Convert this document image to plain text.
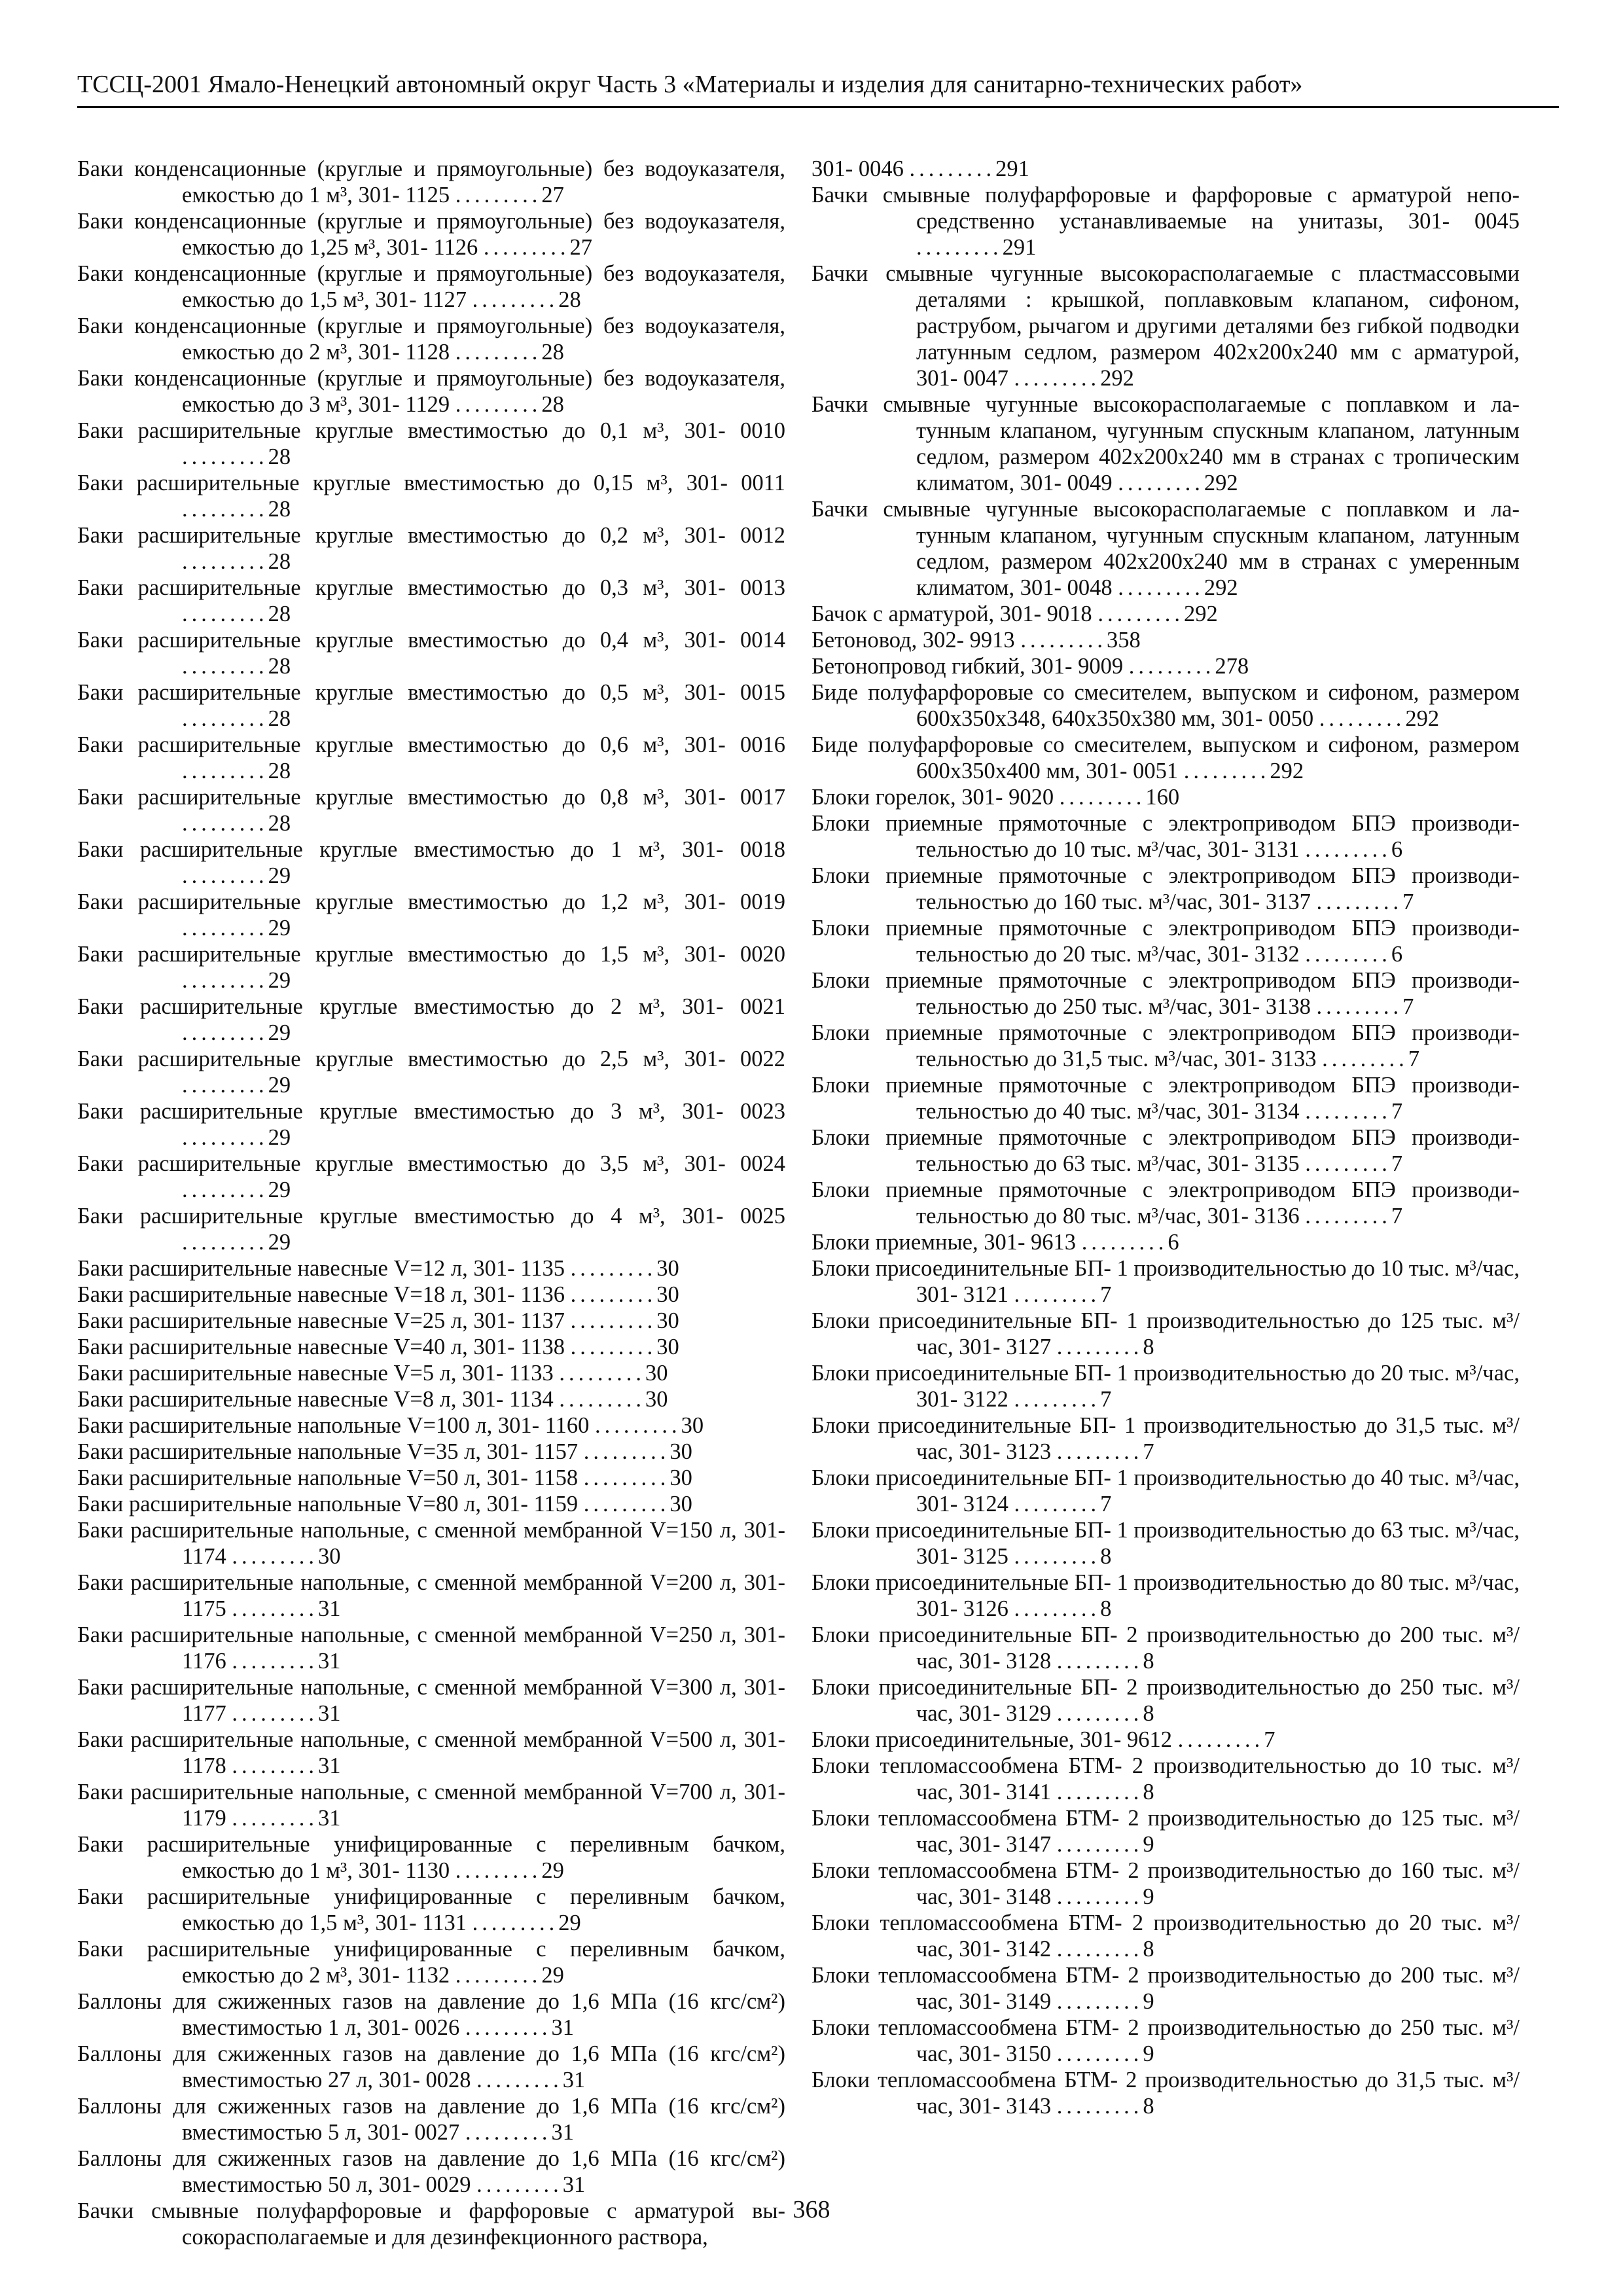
ТССЦ-2001 Ямало-Ненецкий автономный округ Часть 3 «Материалы и изделия для санитарно-технических работ»

Баки конденсационные (круглые и прямоугольные) без водоуказателя, емкостью до 1 м³, 301- 1125 .........27

Баки конденсационные (круглые и прямоугольные) без водоуказателя, емкостью до 1,25 м³, 301- 1126 .........27

Баки конденсационные (круглые и прямоугольные) без водоуказателя, емкостью до 1,5 м³, 301- 1127 .........28

Баки конденсационные (круглые и прямоугольные) без водоуказателя, емкостью до 2 м³, 301- 1128 .........28

Баки конденсационные (круглые и прямоугольные) без водоуказателя, емкостью до 3 м³, 301- 1129 .........28

Баки расширительные круглые вместимостью до 0,1 м³, 301- 0010 .........28

Баки расширительные круглые вместимостью до 0,15 м³, 301- 0011 .........28

Баки расширительные круглые вместимостью до 0,2 м³, 301- 0012 .........28

Баки расширительные круглые вместимостью до 0,3 м³, 301- 0013 .........28

Баки расширительные круглые вместимостью до 0,4 м³, 301- 0014 .........28

Баки расширительные круглые вместимостью до 0,5 м³, 301- 0015 .........28

Баки расширительные круглые вместимостью до 0,6 м³, 301- 0016 .........28

Баки расширительные круглые вместимостью до 0,8 м³, 301- 0017 .........28

Баки расширительные круглые вместимостью до 1 м³, 301- 0018 .........29

Баки расширительные круглые вместимостью до 1,2 м³, 301- 0019 .........29

Баки расширительные круглые вместимостью до 1,5 м³, 301- 0020 .........29

Баки расширительные круглые вместимостью до 2 м³, 301- 0021 .........29

Баки расширительные круглые вместимостью до 2,5 м³, 301- 0022 .........29

Баки расширительные круглые вместимостью до 3 м³, 301- 0023 .........29

Баки расширительные круглые вместимостью до 3,5 м³, 301- 0024 .........29

Баки расширительные круглые вместимостью до 4 м³, 301- 0025 .........29

Баки расширительные навесные V=12 л, 301- 1135 .........30

Баки расширительные навесные V=18 л, 301- 1136 .........30

Баки расширительные навесные V=25 л, 301- 1137 .........30

Баки расширительные навесные V=40 л, 301- 1138 .........30

Баки расширительные навесные V=5 л, 301- 1133 .........30

Баки расширительные навесные V=8 л, 301- 1134 .........30

Баки расширительные напольные V=100 л, 301- 1160 .........30

Баки расширительные напольные V=35 л, 301- 1157 .........30

Баки расширительные напольные V=50 л, 301- 1158 .........30

Баки расширительные напольные V=80 л, 301- 1159 .........30

Баки расширительные напольные, с сменной мембранной V=150 л, 301- 1174 .........30

Баки расширительные напольные, с сменной мембранной V=200 л, 301- 1175 .........31

Баки расширительные напольные, с сменной мембранной V=250 л, 301- 1176 .........31

Баки расширительные напольные, с сменной мембранной V=300 л, 301- 1177 .........31

Баки расширительные напольные, с сменной мембранной V=500 л, 301- 1178 .........31

Баки расширительные напольные, с сменной мембранной V=700 л, 301- 1179 .........31

Баки расширительные унифицированные с переливным бачком, емкостью до 1 м³, 301- 1130 .........29

Баки расширительные унифицированные с переливным бачком, емкостью до 1,5 м³, 301- 1131 .........29

Баки расширительные унифицированные с переливным бачком, емкостью до 2 м³, 301- 1132 .........29

Баллоны для сжиженных газов на давление до 1,6 МПа (16 кгс/см²) вместимостью 1 л, 301- 0026 .........31

Баллоны для сжиженных газов на давление до 1,6 МПа (16 кгс/см²) вместимостью 27 л, 301- 0028 .........31

Баллоны для сжиженных газов на давление до 1,6 МПа (16 кгс/см²) вместимостью 5 л, 301- 0027 .........31

Баллоны для сжиженных газов на давление до 1,6 МПа (16 кгс/см²) вместимостью 50 л, 301- 0029 .........31

Бачки смывные полуфарфоровые и фарфоровые с арматурой высокорасполагаемые и для дезинфекционного раствора,

301- 0046 .........291

Бачки смывные полуфарфоровые и фарфоровые с арматурой непосредственно устанавливаемые на унитазы, 301- 0045 .........291

Бачки смывные чугунные высокорасполагаемые с пластмассовыми деталями : крышкой, поплавковым клапаном, сифоном, раструбом, рычагом и другими деталями без гибкой подводки латунным седлом, размером 402х200х240 мм с арматурой, 301- 0047 .........292

Бачки смывные чугунные высокорасполагаемые с поплавком и латунным клапаном, чугунным спускным клапаном, латунным седлом, размером 402х200х240 мм в странах с тропическим климатом, 301- 0049 .........292

Бачки смывные чугунные высокорасполагаемые с поплавком и латунным клапаном, чугунным спускным клапаном, латунным седлом, размером 402х200х240 мм в странах с умеренным климатом, 301- 0048 .........292

Бачок с арматурой, 301- 9018 .........292

Бетоновод, 302- 9913 .........358

Бетонопровод гибкий, 301- 9009 .........278

Биде полуфарфоровые со смесителем, выпуском и сифоном, размером 600х350х348, 640х350х380 мм, 301- 0050 .........292

Биде полуфарфоровые со смесителем, выпуском и сифоном, размером 600х350х400 мм, 301- 0051 .........292

Блоки горелок, 301- 9020 .........160

Блоки приемные прямоточные с электроприводом БПЭ производительностью до 10 тыс. м³/час, 301- 3131 .........6

Блоки приемные прямоточные с электроприводом БПЭ производительностью до 160 тыс. м³/час, 301- 3137 .........7

Блоки приемные прямоточные с электроприводом БПЭ производительностью до 20 тыс. м³/час, 301- 3132 .........6

Блоки приемные прямоточные с электроприводом БПЭ производительностью до 250 тыс. м³/час, 301- 3138 .........7

Блоки приемные прямоточные с электроприводом БПЭ производительностью до 31,5 тыс. м³/час, 301- 3133 .........7

Блоки приемные прямоточные с электроприводом БПЭ производительностью до 40 тыс. м³/час, 301- 3134 .........7

Блоки приемные прямоточные с электроприводом БПЭ производительностью до 63 тыс. м³/час, 301- 3135 .........7

Блоки приемные прямоточные с электроприводом БПЭ производительностью до 80 тыс. м³/час, 301- 3136 .........7

Блоки приемные, 301- 9613 .........6

Блоки присоединительные БП- 1 производительностью до 10 тыс. м³/час, 301- 3121 .........7

Блоки присоединительные БП- 1 производительностью до 125 тыс. м³/час, 301- 3127 .........8

Блоки присоединительные БП- 1 производительностью до 20 тыс. м³/час, 301- 3122 .........7

Блоки присоединительные БП- 1 производительностью до 31,5 тыс. м³/час, 301- 3123 .........7

Блоки присоединительные БП- 1 производительностью до 40 тыс. м³/час, 301- 3124 .........7

Блоки присоединительные БП- 1 производительностью до 63 тыс. м³/час, 301- 3125 .........8

Блоки присоединительные БП- 1 производительностью до 80 тыс. м³/час, 301- 3126 .........8

Блоки присоединительные БП- 2 производительностью до 200 тыс. м³/час, 301- 3128 .........8

Блоки присоединительные БП- 2 производительностью до 250 тыс. м³/час, 301- 3129 .........8

Блоки присоединительные, 301- 9612 .........7

Блоки тепломассообмена БТМ- 2 производительностью до 10 тыс. м³/час, 301- 3141 .........8

Блоки тепломассообмена БТМ- 2 производительностью до 125 тыс. м³/час, 301- 3147 .........9

Блоки тепломассообмена БТМ- 2 производительностью до 160 тыс. м³/час, 301- 3148 .........9

Блоки тепломассообмена БТМ- 2 производительностью до 20 тыс. м³/час, 301- 3142 .........8

Блоки тепломассообмена БТМ- 2 производительностью до 200 тыс. м³/час, 301- 3149 .........9

Блоки тепломассообмена БТМ- 2 производительностью до 250 тыс. м³/час, 301- 3150 .........9

Блоки тепломассообмена БТМ- 2 производительностью до 31,5 тыс. м³/час, 301- 3143 .........8

368
